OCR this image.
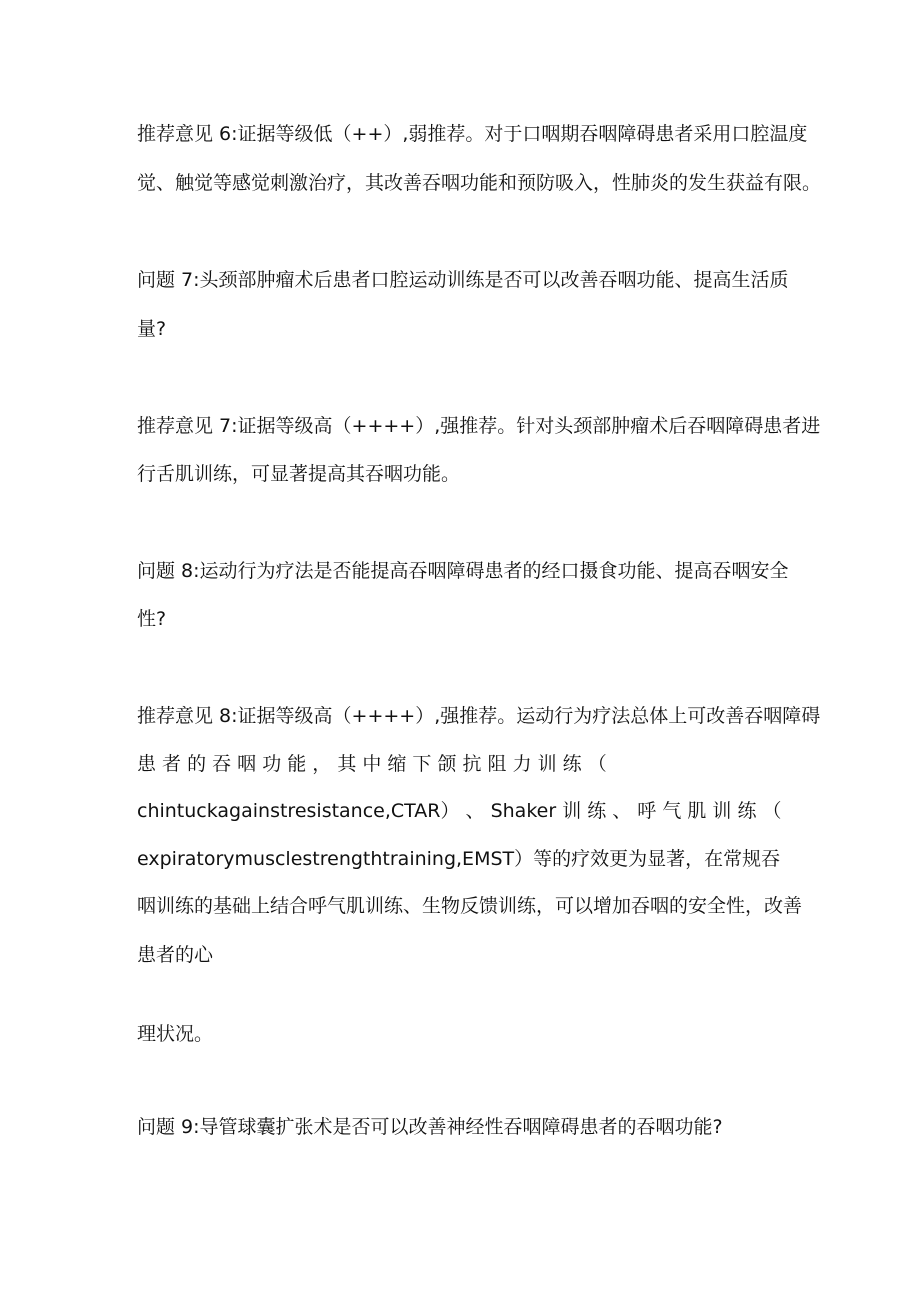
推荐意见 6:证据等级低（++）,弱推荐。对于口咽期吞咽障碍患者采用口腔温度
觉、触觉等感觉刺激治疗，其改善吞咽功能和预防吸入，性肺炎的发生获益有限。
问题 7:头颈部肿瘤术后患者口腔运动训练是否可以改善吞咽功能、提高生活质
量?
推荐意见 7:证据等级高（++++）,强推荐。针对头颈部肿瘤术后吞咽障碍患者进
行舌肌训练，可显著提高其吞咽功能。
问题 8:运动行为疗法是否能提高吞咽障碍患者的经口摄食功能、提高吞咽安全
性?
推荐意见 8:证据等级高（++++）,强推荐。运动行为疗法总体上可改善吞咽障碍
患 者 的 吞 咽 功 能 ， 其 中 缩 下 颌 抗 阻 力 训 练 （
chintuckagainstresistance,CTAR） 、 Shaker 训 练 、 呼 气 肌 训 练 （
expiratorymusclestrengthtraining,EMST）等的疗效更为显著，在常规吞
咽训练的基础上结合呼气肌训练、生物反馈训练，可以增加吞咽的安全性，改善
患者的心
理状况。
问题 9:导管球囊扩张术是否可以改善神经性吞咽障碍患者的吞咽功能?
